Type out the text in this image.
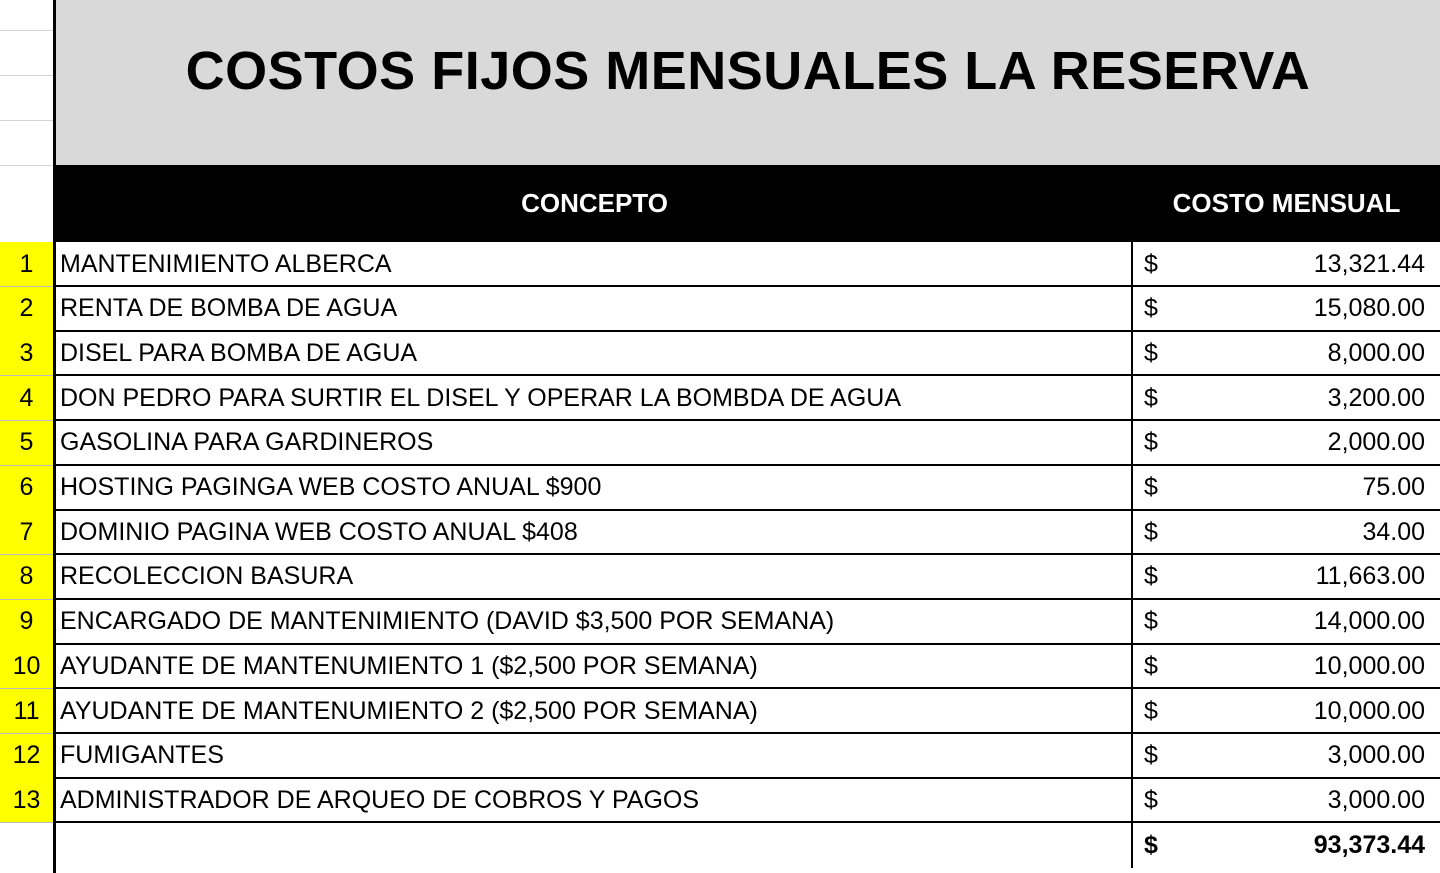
COSTOS FIJOS MENSUALES LA RESERVA
CONCEPTO	COSTO MENSUAL
1	MANTENIMIENTO ALBERCA	$	13,321.44
2	RENTA DE BOMBA DE AGUA	$	15,080.00
3	DISEL PARA BOMBA DE AGUA	$	8,000.00
4	DON PEDRO PARA SURTIR EL DISEL Y OPERAR LA BOMBDA DE AGUA	$	3,200.00
5	GASOLINA PARA GARDINEROS	$	2,000.00
6	HOSTING PAGINGA WEB COSTO ANUAL $900	$	75.00
7	DOMINIO PAGINA WEB COSTO ANUAL $408	$	34.00
8	RECOLECCION BASURA	$	11,663.00
9	ENCARGADO DE MANTENIMIENTO (DAVID $3,500 POR SEMANA)	$	14,000.00
10 AYUDANTE DE MANTENUMIENTO 1 ($2,500 POR SEMANA)	$	10,000.00
11 AYUDANTE DE MANTENUMIENTO 2 ($2,500 POR SEMANA)	$	10,000.00
12 FUMIGANTES	$	3,000.00
13 ADMINISTRADOR DE ARQUEO DE COBROS Y PAGOS	$	3,000.00
$	93,373.44
